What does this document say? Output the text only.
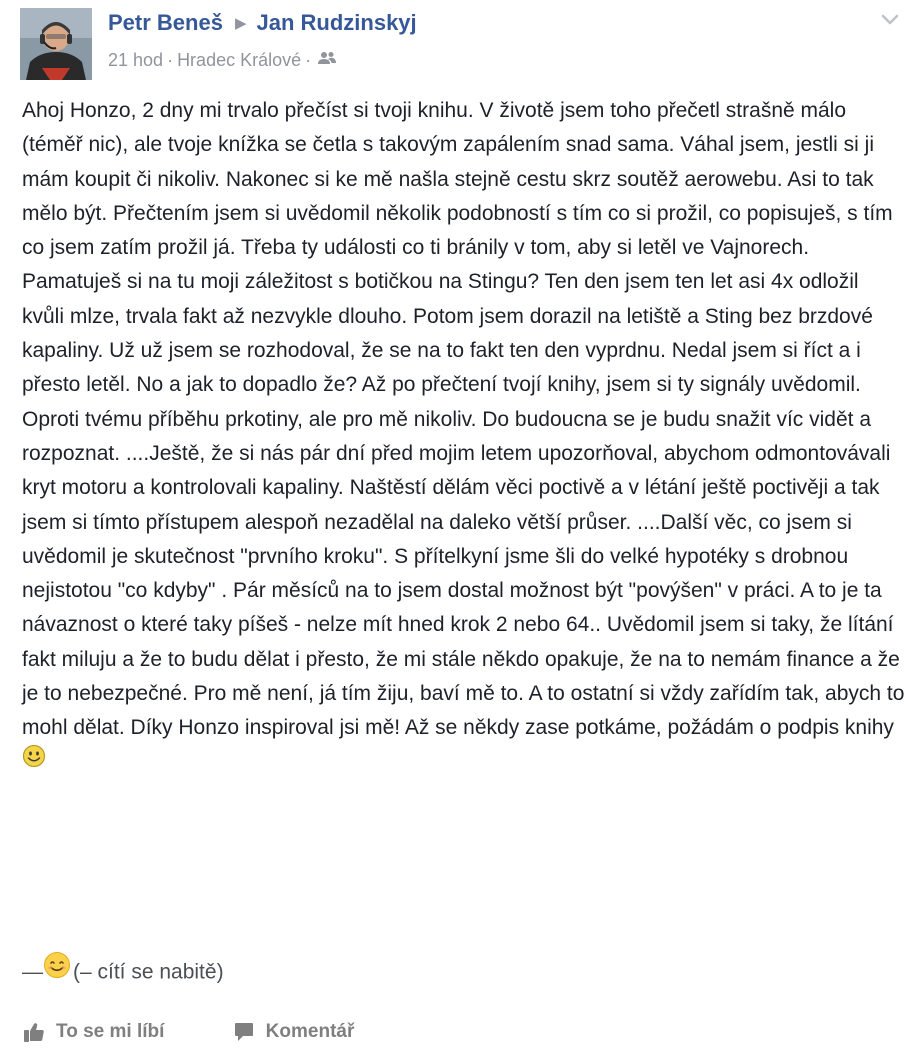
Petr Beneš ▶ Jan Rudzinskyj
21 hod · Hradec Králové ·

Ahoj Honzo, 2 dny mi trvalo přečíst si tvoji knihu. V životě jsem toho přečetl strašně málo (téměř nic), ale tvoje knížka se četla s takovým zapálením snad sama. Váhal jsem, jestli si ji mám koupit či nikoliv. Nakonec si ke mě našla stejně cestu skrz soutěž aerowebu. Asi to tak mělo být. Přečtením jsem si uvědomil několik podobností s tím co si prožil, co popisuješ, s tím co jsem zatím prožil já. Třeba ty události co ti bránily v tom, aby si letěl ve Vajnorech. Pamatuješ si na tu moji záležitost s botičkou na Stingu? Ten den jsem ten let asi 4x odložil kvůli mlze, trvala fakt až nezvykle dlouho. Potom jsem dorazil na letiště a Sting bez brzdové kapaliny. Už už jsem se rozhodoval, že se na to fakt ten den vyprdnu. Nedal jsem si říct a i přesto letěl. No a jak to dopadlo že? Až po přečtení tvojí knihy, jsem si ty signály uvědomil. Oproti tvému příběhu prkotiny, ale pro mě nikoliv. Do budoucna se je budu snažit víc vidět a rozpoznat. ....Ještě, že si nás pár dní před mojim letem upozorňoval, abychom odmontovávali kryt motoru a kontrolovali kapaliny. Naštěstí dělám věci poctivě a v létání ještě poctivěji a tak jsem si tímto přístupem alespoň nezadělal na daleko větší průser. ....Další věc, co jsem si uvědomil je skutečnost "prvního kroku". S přítelkyní jsme šli do velké hypotéky s drobnou nejistotou "co kdyby" . Pár měsíců na to jsem dostal možnost být "povýšen" v práci. A to je ta návaznost o které taky píšeš - nelze mít hned krok 2 nebo 64.. Uvědomil jsem si taky, že lítání fakt miluju a že to budu dělat i přesto, že mi stále někdo opakuje, že na to nemám finance a že je to nebezpečné. Pro mě není, já tím žiju, baví mě to. A to ostatní si vždy zařídím tak, abych to mohl dělat. Díky Honzo inspiroval jsi mě! Až se někdy zase potkáme, požádám o podpis knihy

— (– cítí se nabitě)
To se mi líbí
	Komentář
